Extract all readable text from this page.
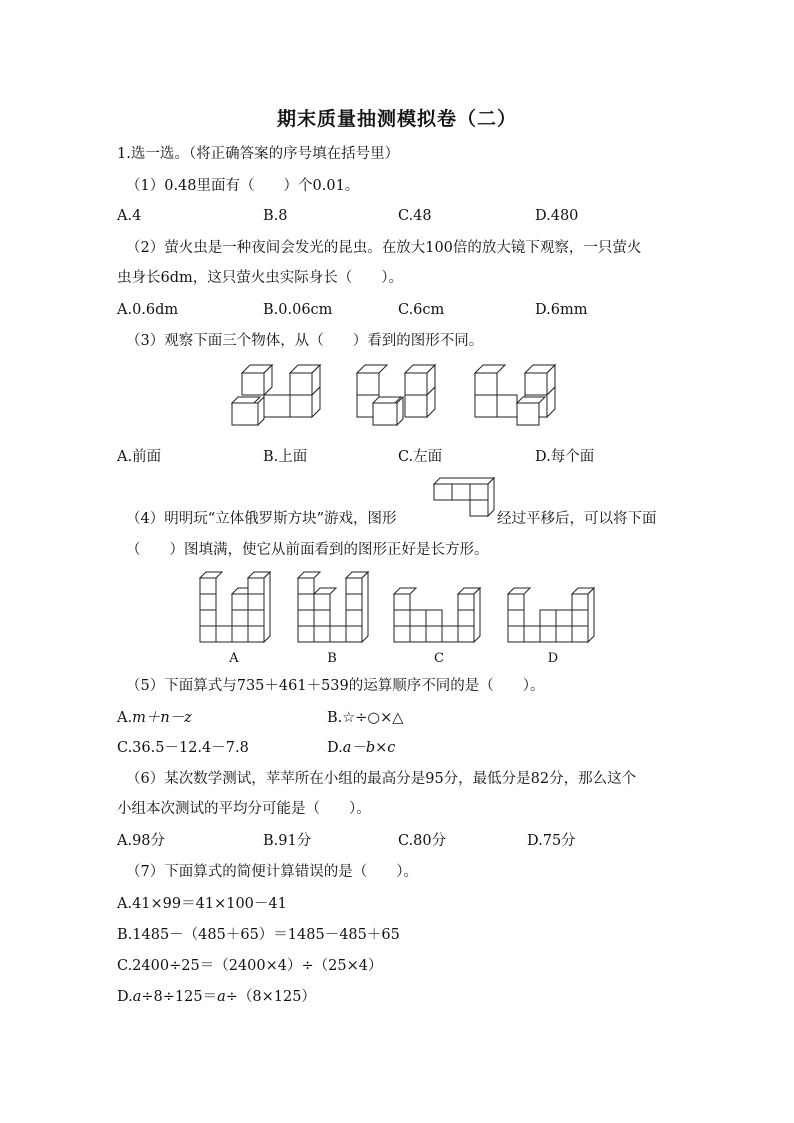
期末质量抽测模拟卷（二）
1.选一选。（将正确答案的序号填在括号里）
（1）0.48里面有（　　）个0.01。
A.4	B.8	C.48	D.480
（2）萤火虫是一种夜间会发光的昆虫。在放大100倍的放大镜下观察，一只萤火
虫身长6dm，这只萤火虫实际身长（　　）。
A.0.6dm	B.0.06cm	C.6cm	D.6mm
（3）观察下面三个物体，从（　　）看到的图形不同。
A.前面	B.上面	C.左面	D.每个面
（4）明明玩“立体俄罗斯方块”游戏，图形	经过平移后，可以将下面
（　　）图填满，使它从前面看到的图形正好是长方形。
A	B	C	D
（5）下面算式与735＋461＋539的运算顺序不同的是（　　）。
A.m＋n－z	B.☆÷○×△
C.36.5－12.4－7.8	D.a－b×c
（6）某次数学测试，苹苹所在小组的最高分是95分，最低分是82分，那么这个
小组本次测试的平均分可能是（　　）。
A.98分	B.91分	C.80分	D.75分
（7）下面算式的简便计算错误的是（　　）。
A.41×99＝41×100－41
B.1485－（485＋65）＝1485－485＋65
C.2400÷25＝（2400×4）÷（25×4）
D.a÷8÷125＝a÷（8×125）
